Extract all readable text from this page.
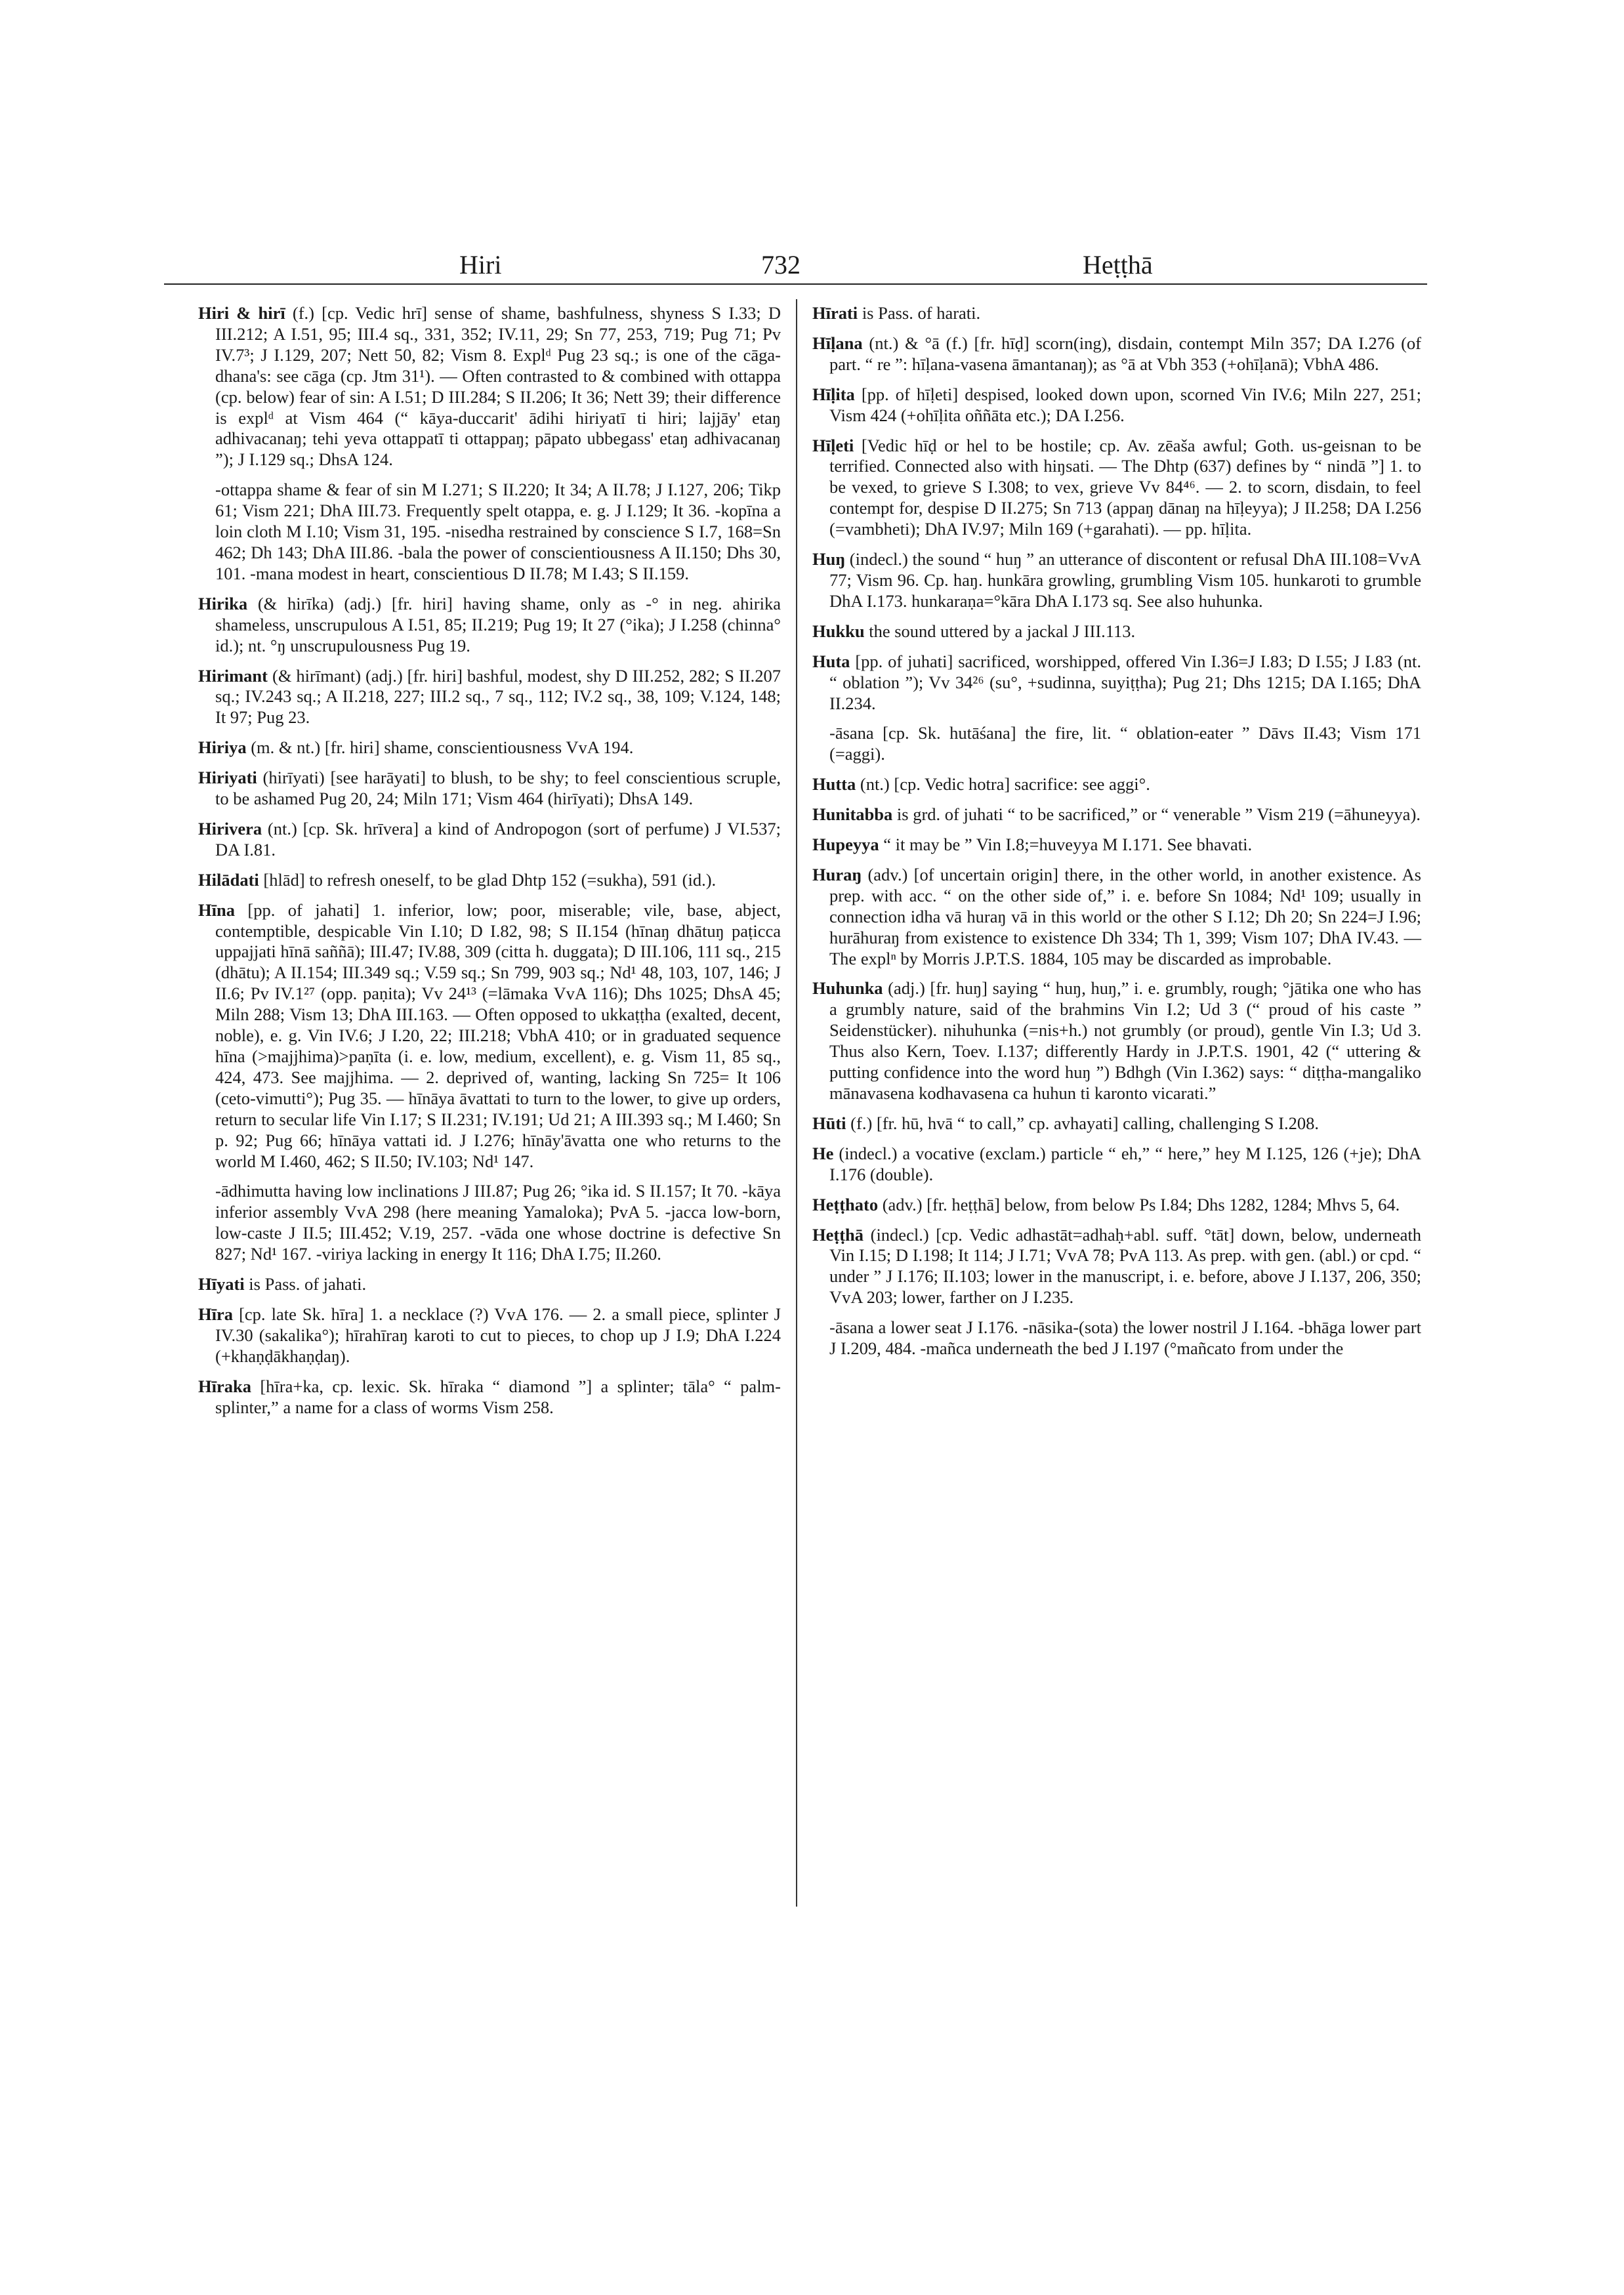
Hiri	732	Heṭṭhā

Hiri & hirī (f.) [cp. Vedic hrī] sense of shame, bashfulness, shyness S I.33; D III.212; A I.51, 95; III.4 sq., 331, 352; IV.11, 29; Sn 77, 253, 719; Pug 71; Pv IV.7³; J I.129, 207; Nett 50, 82; Vism 8. Explᵈ Pug 23 sq.; is one of the cāga-dhana's: see cāga (cp. Jtm 31¹). — Often contrasted to & combined with ottappa (cp. below) fear of sin: A I.51; D III.284; S II.206; It 36; Nett 39; their difference is explᵈ at Vism 464 (“ kāya-duccarit' ādihi hiriyatī ti hiri; lajjāy' etaŋ adhivacanaŋ; tehi yeva ottappatī ti ottappaŋ; pāpato ubbegass' etaŋ adhivacanaŋ ”); J I.129 sq.; DhsA 124.

-ottappa shame & fear of sin M I.271; S II.220; It 34; A II.78; J I.127, 206; Tikp 61; Vism 221; DhA III.73. Frequently spelt otappa, e. g. J I.129; It 36. -kopīna a loin cloth M I.10; Vism 31, 195. -nisedha restrained by conscience S I.7, 168=Sn 462; Dh 143; DhA III.86. -bala the power of conscientiousness A II.150; Dhs 30, 101. -mana modest in heart, conscientious D II.78; M I.43; S II.159.

Hirika (& hirīka) (adj.) [fr. hiri] having shame, only as -° in neg. ahirika shameless, unscrupulous A I.51, 85; II.219; Pug 19; It 27 (°ika); J I.258 (chinna° id.); nt. °ŋ unscrupulousness Pug 19.

Hirimant (& hirīmant) (adj.) [fr. hiri] bashful, modest, shy D III.252, 282; S II.207 sq.; IV.243 sq.; A II.218, 227; III.2 sq., 7 sq., 112; IV.2 sq., 38, 109; V.124, 148; It 97; Pug 23.

Hiriya (m. & nt.) [fr. hiri] shame, conscientiousness VvA 194.

Hiriyati (hirīyati) [see harāyati] to blush, to be shy; to feel conscientious scruple, to be ashamed Pug 20, 24; Miln 171; Vism 464 (hirīyati); DhsA 149.

Hirivera (nt.) [cp. Sk. hrīvera] a kind of Andropogon (sort of perfume) J VI.537; DA I.81.

Hilādati [hlād] to refresh oneself, to be glad Dhtp 152 (=sukha), 591 (id.).

Hīna [pp. of jahati] 1. inferior, low; poor, miserable; vile, base, abject, contemptible, despicable Vin I.10; D I.82, 98; S II.154 (hīnaŋ dhātuŋ paṭicca uppajjati hīnā saññā); III.47; IV.88, 309 (citta h. duggata); D III.106, 111 sq., 215 (dhātu); A II.154; III.349 sq.; V.59 sq.; Sn 799, 903 sq.; Nd¹ 48, 103, 107, 146; J II.6; Pv IV.1²⁷ (opp. paṇita); Vv 24¹³ (=lāmaka VvA 116); Dhs 1025; DhsA 45; Miln 288; Vism 13; DhA III.163. — Often opposed to ukkaṭṭha (exalted, decent, noble), e. g. Vin IV.6; J I.20, 22; III.218; VbhA 410; or in graduated sequence hīna (>majjhima)>paṇīta (i. e. low, medium, excellent), e. g. Vism 11, 85 sq., 424, 473. See majjhima. — 2. deprived of, wanting, lacking Sn 725= It 106 (ceto-vimutti°); Pug 35. — hīnāya āvattati to turn to the lower, to give up orders, return to secular life Vin I.17; S II.231; IV.191; Ud 21; A III.393 sq.; M I.460; Sn p. 92; Pug 66; hīnāya vattati id. J I.276; hīnāy'āvatta one who returns to the world M I.460, 462; S II.50; IV.103; Nd¹ 147.

-ādhimutta having low inclinations J III.87; Pug 26; °ika id. S II.157; It 70. -kāya inferior assembly VvA 298 (here meaning Yamaloka); PvA 5. -jacca low-born, low-caste J II.5; III.452; V.19, 257. -vāda one whose doctrine is defective Sn 827; Nd¹ 167. -viriya lacking in energy It 116; DhA I.75; II.260.

Hīyati is Pass. of jahati.

Hīra [cp. late Sk. hīra] 1. a necklace (?) VvA 176. — 2. a small piece, splinter J IV.30 (sakalika°); hīrahīraŋ karoti to cut to pieces, to chop up J I.9; DhA I.224 (+khaṇḍākhaṇḍaŋ).

Hīraka [hīra+ka, cp. lexic. Sk. hīraka “ diamond ”] a splinter; tāla° “ palm-splinter,” a name for a class of worms Vism 258.

Hīrati is Pass. of harati.

Hīḷana (nt.) & °ā (f.) [fr. hīḍ] scorn(ing), disdain, contempt Miln 357; DA I.276 (of part. “ re ”: hīḷana-vasena āmantanaŋ); as °ā at Vbh 353 (+ohīḷanā); VbhA 486.

Hīḷita [pp. of hīḷeti] despised, looked down upon, scorned Vin IV.6; Miln 227, 251; Vism 424 (+ohīḷita oññāta etc.); DA I.256.

Hīḷeti [Vedic hīḍ or hel to be hostile; cp. Av. zēaša awful; Goth. us-geisnan to be terrified. Connected also with hiŋsati. — The Dhtp (637) defines by “ nindā ”] 1. to be vexed, to grieve S I.308; to vex, grieve Vv 84⁴⁶. — 2. to scorn, disdain, to feel contempt for, despise D II.275; Sn 713 (appaŋ dānaŋ na hīḷeyya); J II.258; DA I.256 (=vambheti); DhA IV.97; Miln 169 (+garahati). — pp. hīḷita.

Huŋ (indecl.) the sound “ huŋ ” an utterance of discontent or refusal DhA III.108=VvA 77; Vism 96. Cp. haŋ. hunkāra growling, grumbling Vism 105. hunkaroti to grumble DhA I.173. hunkaraṇa=°kāra DhA I.173 sq. See also huhunka.

Hukku the sound uttered by a jackal J III.113.

Huta [pp. of juhati] sacrificed, worshipped, offered Vin I.36=J I.83; D I.55; J I.83 (nt. “ oblation ”); Vv 34²⁶ (su°, +sudinna, suyiṭṭha); Pug 21; Dhs 1215; DA I.165; DhA II.234.

-āsana [cp. Sk. hutāśana] the fire, lit. “ oblation-eater ” Dāvs II.43; Vism 171 (=aggi).

Hutta (nt.) [cp. Vedic hotra] sacrifice: see aggi°.

Hunitabba is grd. of juhati “ to be sacrificed,” or “ venerable ” Vism 219 (=āhuneyya).

Hupeyya “ it may be ” Vin I.8;=huveyya M I.171. See bhavati.

Huraŋ (adv.) [of uncertain origin] there, in the other world, in another existence. As prep. with acc. “ on the other side of,” i. e. before Sn 1084; Nd¹ 109; usually in connection idha vā huraŋ vā in this world or the other S I.12; Dh 20; Sn 224=J I.96; hurāhuraŋ from existence to existence Dh 334; Th 1, 399; Vism 107; DhA IV.43. — The explⁿ by Morris J.P.T.S. 1884, 105 may be discarded as improbable.

Huhunka (adj.) [fr. huŋ] saying “ huŋ, huŋ,” i. e. grumbly, rough; °jātika one who has a grumbly nature, said of the brahmins Vin I.2; Ud 3 (“ proud of his caste ” Seidenstücker). nihuhunka (=nis+h.) not grumbly (or proud), gentle Vin I.3; Ud 3. Thus also Kern, Toev. I.137; differently Hardy in J.P.T.S. 1901, 42 (“ uttering & putting confidence into the word huŋ ”) Bdhgh (Vin I.362) says: “ diṭṭha-mangaliko mānavasena kodhavasena ca huhun ti karonto vicarati.”

Hūti (f.) [fr. hū, hvā “ to call,” cp. avhayati] calling, challenging S I.208.

He (indecl.) a vocative (exclam.) particle “ eh,” “ here,” hey M I.125, 126 (+je); DhA I.176 (double).

Heṭṭhato (adv.) [fr. heṭṭhā] below, from below Ps I.84; Dhs 1282, 1284; Mhvs 5, 64.

Heṭṭhā (indecl.) [cp. Vedic adhastāt=adhaḥ+abl. suff. °tāt] down, below, underneath Vin I.15; D I.198; It 114; J I.71; VvA 78; PvA 113. As prep. with gen. (abl.) or cpd. “ under ” J I.176; II.103; lower in the manuscript, i. e. before, above J I.137, 206, 350; VvA 203; lower, farther on J I.235.

-āsana a lower seat J I.176. -nāsika-(sota) the lower nostril J I.164. -bhāga lower part J I.209, 484. -mañca underneath the bed J I.197 (°mañcato from under the
